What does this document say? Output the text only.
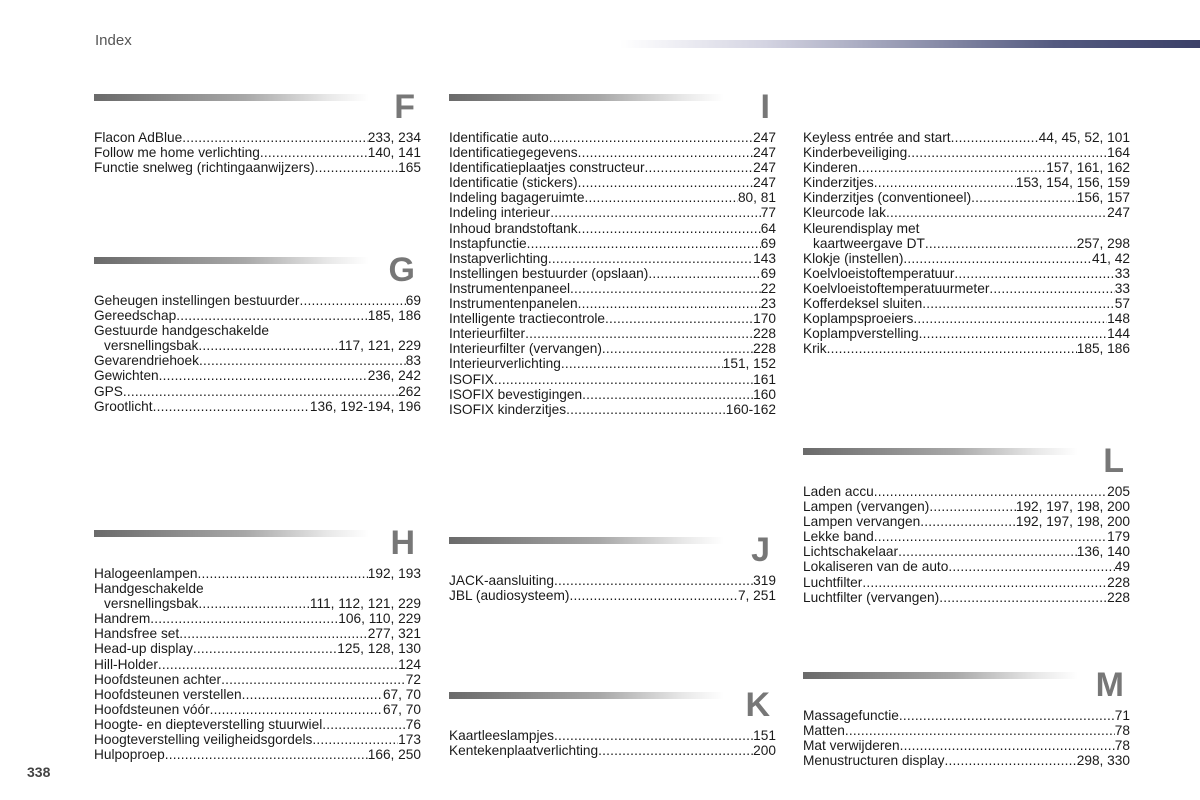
Index
F
Flacon AdBlue .....	233, 234
Follow me home verlichting .....	140, 141
Functie snelweg (richtingaanwijzers) .....	165
G
Geheugen instellingen bestuurder .....	69
Gereedschap .....	185, 186
Gestuurde handgeschakelde
versnellingsbak .....	117, 121, 229
Gevarendriehoek .....	83
Gewichten .....	236, 242
GPS .....	262
Grootlicht .....	136, 192-194, 196
H
Halogeenlampen .....	192, 193
Handgeschakelde
versnellingsbak .....	111, 112, 121, 229
Handrem .....	106, 110, 229
Handsfree set .....	277, 321
Head-up display .....	125, 128, 130
Hill-Holder .....	124
Hoofdsteunen achter .....	72
Hoofdsteunen verstellen .....	67, 70
Hoofdsteunen vóór .....	67, 70
Hoogte- en diepteverstelling stuurwiel .....	76
Hoogteverstelling veiligheidsgordels .....	173
Hulpoproep .....	166, 250
I
Identificatie auto .....	247
Identificatiegegevens .....	247
Identificatieplaatjes constructeur .....	247
Identificatie (stickers) .....	247
Indeling bagageruimte .....	80, 81
Indeling interieur .....	77
Inhoud brandstoftank .....	64
Instapfunctie .....	69
Instapverlichting .....	143
Instellingen bestuurder (opslaan) .....	69
Instrumentenpaneel .....	22
Instrumentenpanelen .....	23
Intelligente tractiecontrole .....	170
Interieurfilter .....	228
Interieurfilter (vervangen) .....	228
Interieurverlichting .....	151, 152
ISOFIX .....	161
ISOFIX bevestigingen .....	160
ISOFIX kinderzitjes .....	160-162
J
JACK-aansluiting .....	319
JBL (audiosysteem) .....	7, 251
K
Kaartleeslampjes .....	151
Kentekenplaatverlichting .....	200
Keyless entrée and start .....	44, 45, 52, 101
Kinderbeveiliging .....	164
Kinderen .....	157, 161, 162
Kinderzitjes .....	153, 154, 156, 159
Kinderzitjes (conventioneel) .....	156, 157
Kleurcode lak .....	247
Kleurendisplay met
kaartweergave DT .....	257, 298
Klokje (instellen) .....	41, 42
Koelvloeistoftemperatuur .....	33
Koelvloeistoftemperatuurmeter .....	33
Kofferdeksel sluiten .....	57
Koplampsproeiers .....	148
Koplampverstelling .....	144
Krik .....	185, 186
L
Laden accu .....	205
Lampen (vervangen) .....	192, 197, 198, 200
Lampen vervangen .....	192, 197, 198, 200
Lekke band .....	179
Lichtschakelaar .....	136, 140
Lokaliseren van de auto .....	49
Luchtfilter .....	228
Luchtfilter (vervangen) .....	228
M
Massagefunctie .....	71
Matten .....	78
Mat verwijderen .....	78
Menustructuren display .....	298, 330
338
